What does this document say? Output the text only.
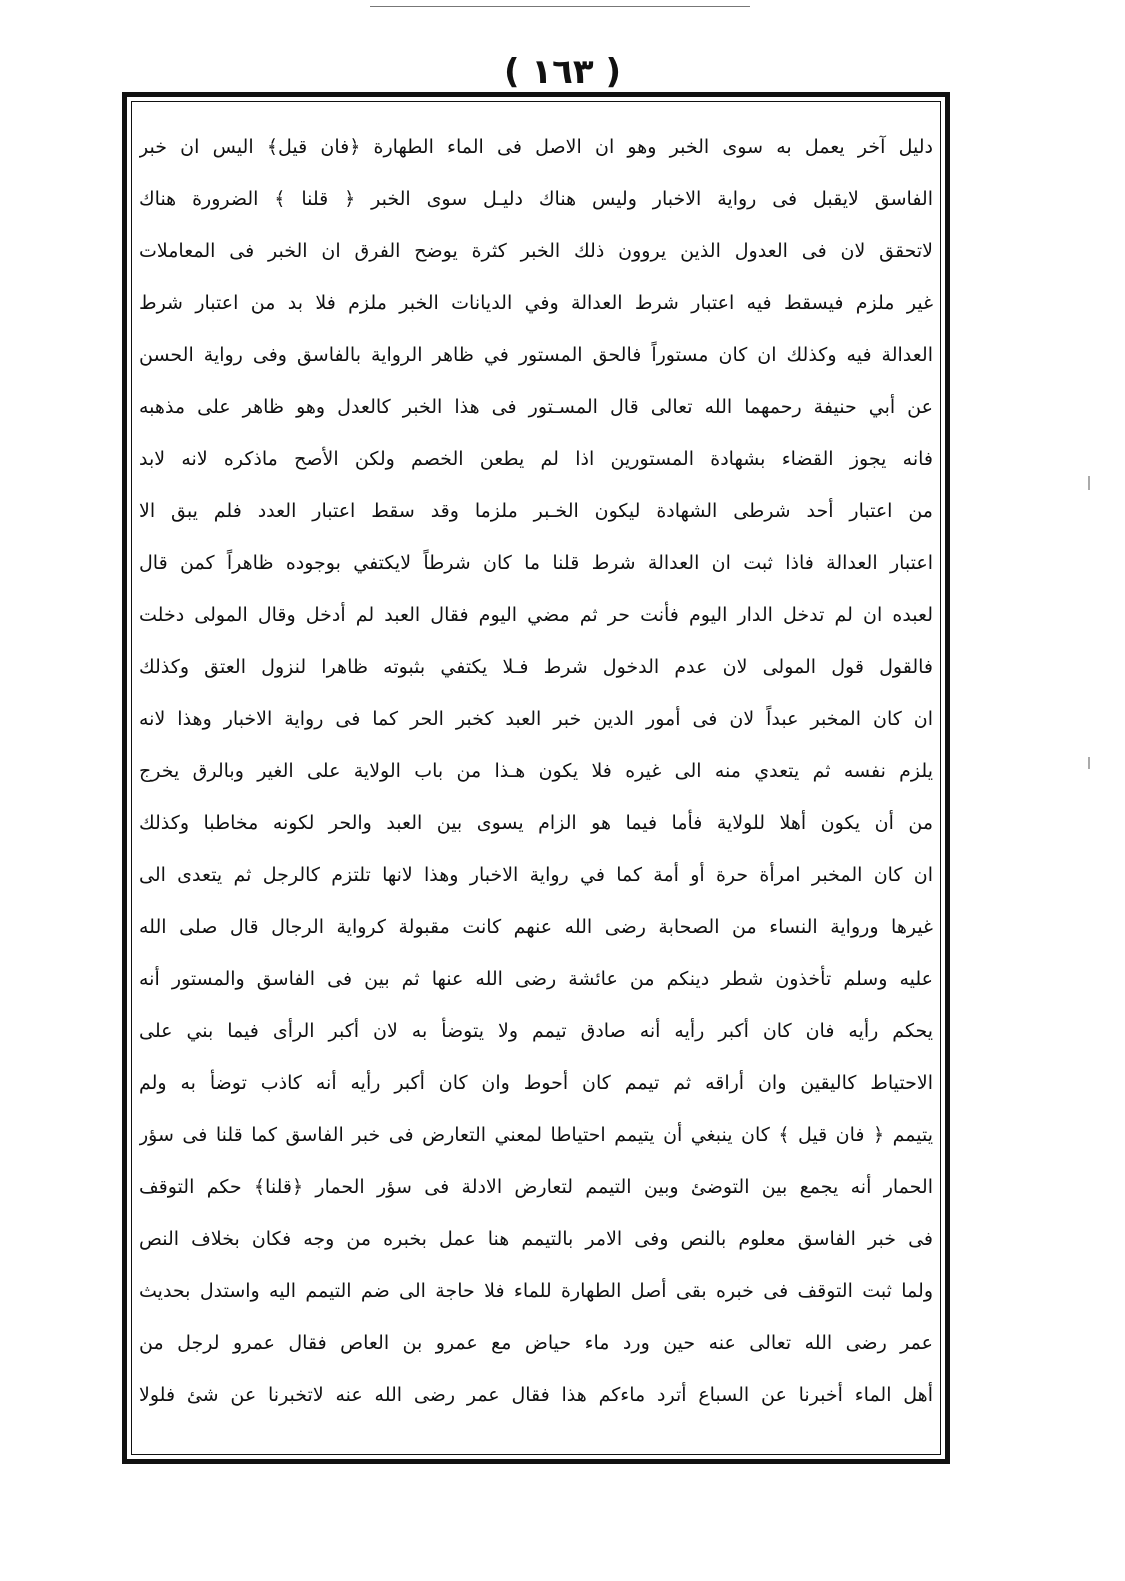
( ١٦٣ )
دليل آخر يعمل به سوى الخبر وهو ان الاصل فى الماء الطهارة ﴿فان قيل﴾ اليس ان خبر
الفاسق لايقبل فى رواية الاخبار وليس هناك دليـل سوى الخبر ﴿ قلنا ﴾ الضرورة هناك
لاتحقق لان فى العدول الذين يروون ذلك الخبر كثرة يوضح الفرق ان الخبر فى المعاملات
غير ملزم فيسقط فيه اعتبار شرط العدالة وفي الديانات الخبر ملزم فلا بد من اعتبار شرط
العدالة فيه وكذلك ان كان مستوراً فالحق المستور في ظاهر الرواية بالفاسق وفى رواية الحسن
عن أبي حنيفة رحمهما الله تعالى قال المسـتور فى هذا الخبر كالعدل وهو ظاهر على مذهبه
فانه يجوز القضاء بشهادة المستورين اذا لم يطعن الخصم ولكن الأصح ماذكره لانه لابد
من اعتبار أحد شرطى الشهادة ليكون الخـبر ملزما وقد سقط اعتبار العدد فلم يبق الا
اعتبار العدالة فاذا ثبت ان العدالة شرط قلنا ما كان شرطاً لايكتفي بوجوده ظاهراً كمن قال
لعبده ان لم تدخل الدار اليوم فأنت حر ثم مضي اليوم فقال العبد لم أدخل وقال المولى دخلت
فالقول قول المولى لان عدم الدخول شرط فـلا يكتفي بثبوته ظاهرا لنزول العتق وكذلك
ان كان المخبر عبداً لان فى أمور الدين خبر العبد كخبر الحر كما فى رواية الاخبار وهذا لانه
يلزم نفسه ثم يتعدي منه الى غيره فلا يكون هـذا من باب الولاية على الغير وبالرق يخرج
من أن يكون أهلا للولاية فأما فيما هو الزام يسوى بين العبد والحر لكونه مخاطبا وكذلك
ان كان المخبر امرأة حرة أو أمة كما في رواية الاخبار وهذا لانها تلتزم كالرجل ثم يتعدى الى
غيرها ورواية النساء من الصحابة رضى الله عنهم كانت مقبولة كرواية الرجال قال صلى الله
عليه وسلم تأخذون شطر دينكم من عائشة رضى الله عنها ثم بين فى الفاسق والمستور أنه
يحكم رأيه فان كان أكبر رأيه أنه صادق تيمم ولا يتوضأ به لان أكبر الرأى فيما بني على
الاحتياط كاليقين وان أراقه ثم تيمم كان أحوط وان كان أكبر رأيه أنه كاذب توضأ به ولم
يتيمم ﴿ فان قيل ﴾ كان ينبغي أن يتيمم احتياطا لمعني التعارض فى خبر الفاسق كما قلنا فى سؤر
الحمار أنه يجمع بين التوضئ وبين التيمم لتعارض الادلة فى سؤر الحمار ﴿قلنا﴾ حكم التوقف
فى خبر الفاسق معلوم بالنص وفى الامر بالتيمم هنا عمل بخبره من وجه فكان بخلاف النص
ولما ثبت التوقف فى خبره بقى أصل الطهارة للماء فلا حاجة الى ضم التيمم اليه واستدل بحديث
عمر رضى الله تعالى عنه حين ورد ماء حياض مع عمرو بن العاص فقال عمرو لرجل من
أهل الماء أخبرنا عن السباع أترد ماءكم هذا فقال عمر رضى الله عنه لاتخبرنا عن شئ فلولا
